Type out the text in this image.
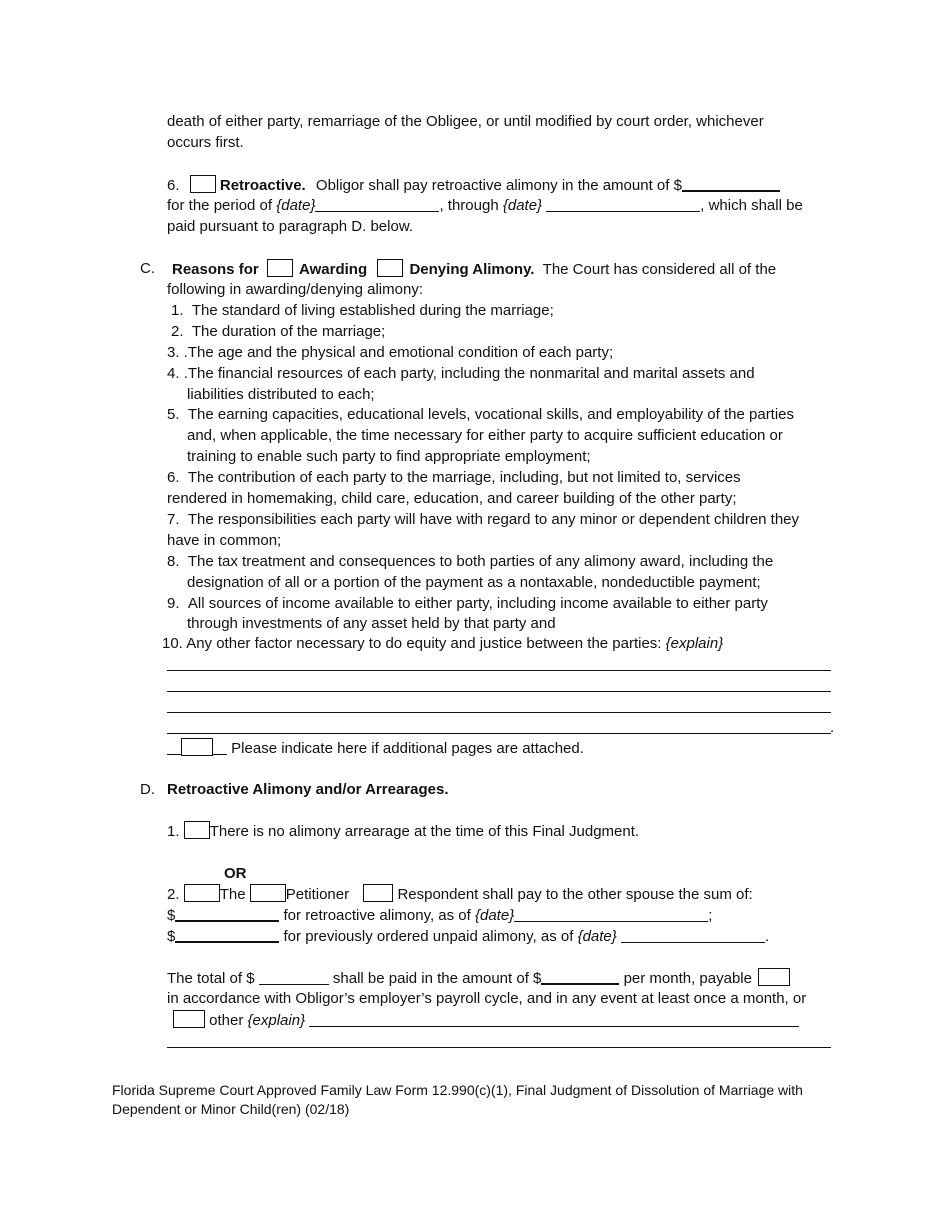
death of either party, remarriage of the Obligee, or until modified by court order, whichever
occurs first.
6.	Retroactive. Obligor shall pay retroactive alimony in the amount of $
for the period of {date}	, through {date}	, which shall be
paid pursuant to paragraph D. below.
C. Reasons for	Awarding	Denying Alimony. The Court has considered all of the
following in awarding/denying alimony:
1. The standard of living established during the marriage;
2. The duration of the marriage;
3. .The age and the physical and emotional condition of each party;
4. .The financial resources of each party, including the nonmarital and marital assets and
liabilities distributed to each;
5. The earning capacities, educational levels, vocational skills, and employability of the parties
and, when applicable, the time necessary for either party to acquire sufficient education or
training to enable such party to find appropriate employment;
6. The contribution of each party to the marriage, including, but not limited to, services
rendered in homemaking, child care, education, and career building of the other party;
7. The responsibilities each party will have with regard to any minor or dependent children they
have in common;
8. The tax treatment and consequences to both parties of any alimony award, including the
designation of all or a portion of the payment as a nontaxable, nondeductible payment;
9. All sources of income available to either party, including income available to either party
through investments of any asset held by that party and
10. Any other factor necessary to do equity and justice between the parties: {explain}
.
Please indicate here if additional pages are attached.
D. Retroactive Alimony and/or Arrearages.
1. There is no alimony arrearage at the time of this Final Judgment.
OR
2.	The	Petitioner	Respondent shall pay to the other spouse the sum of:
$	for retroactive alimony, as of {date}	;
$	for previously ordered unpaid alimony, as of {date}	.
The total of $	shall be paid in the amount of $	per month, payable
in accordance with Obligor’s employer’s payroll cycle, and in any event at least once a month, or
other {explain}
Florida Supreme Court Approved Family Law Form 12.990(c)(1), Final Judgment of Dissolution of Marriage with
Dependent or Minor Child(ren) (02/18)
